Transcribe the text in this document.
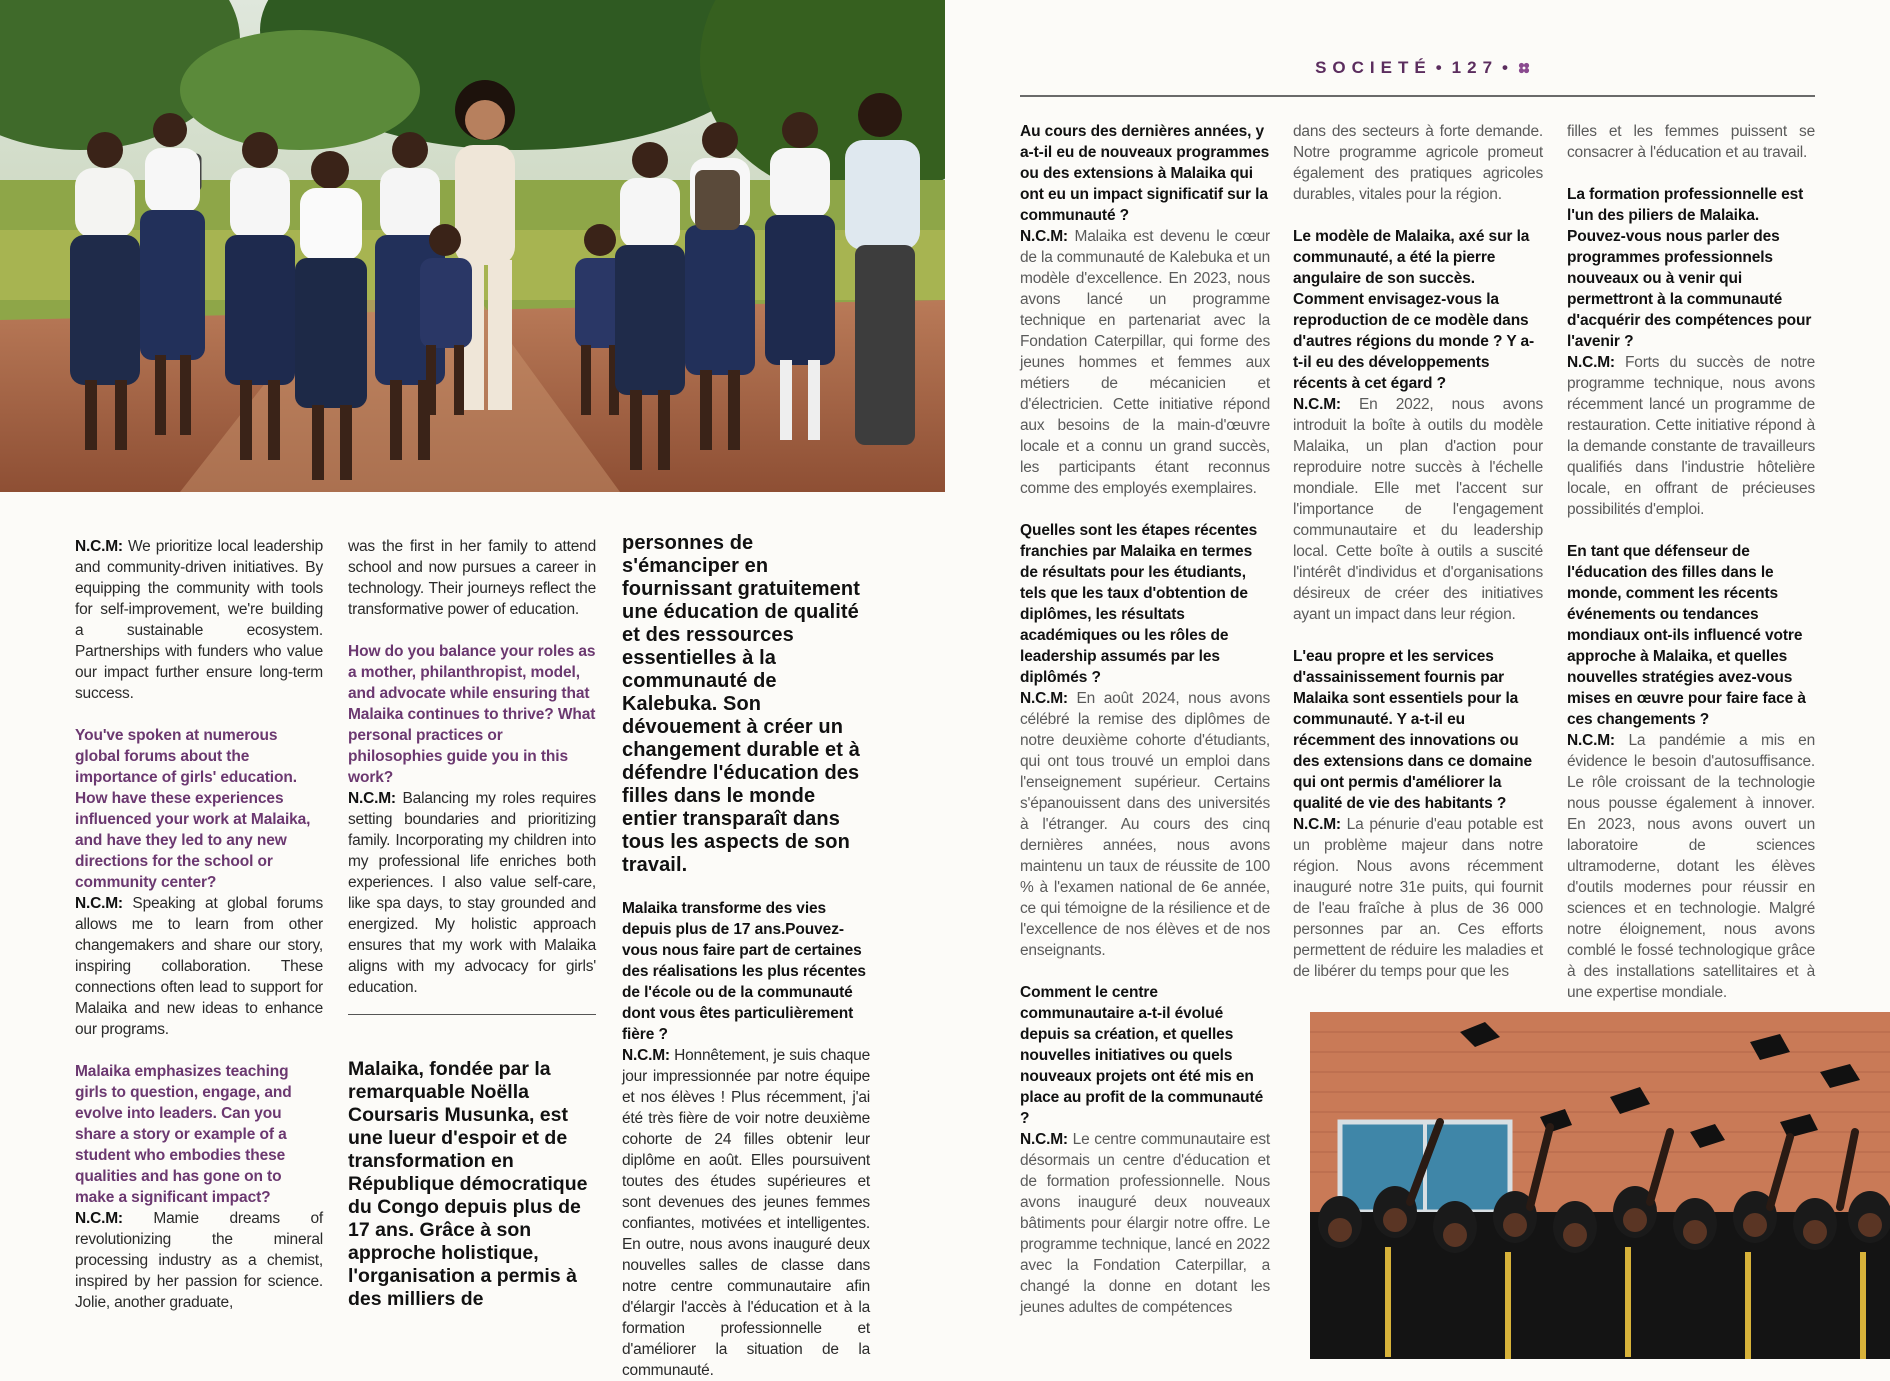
SOCIETÉ • 127 •

N.C.M: We prioritize local leadership and community-driven initiatives. By equipping the community with tools for self-improvement, we're building a sustainable ecosystem. Partnerships with funders who value our impact further ensure long-term success.

You've spoken at numerous global forums about the importance of girls' education. How have these experiences influenced your work at Malaika, and have they led to any new directions for the school or community center?

N.C.M: Speaking at global forums allows me to learn from other changemakers and share our story, inspiring collaboration. These connections often lead to support for Malaika and new ideas to enhance our programs.

Malaika emphasizes teaching girls to question, engage, and evolve into leaders. Can you share a story or example of a student who embodies these qualities and has gone on to make a significant impact?

N.C.M: Mamie dreams of revolutionizing the mineral processing industry as a chemist, inspired by her passion for science. Jolie, another graduate,

was the first in her family to attend school and now pursues a career in technology. Their journeys reflect the transformative power of education.

How do you balance your roles as a mother, philanthropist, model, and advocate while ensuring that Malaika continues to thrive? What personal practices or philosophies guide you in this work?

N.C.M: Balancing my roles requires setting boundaries and prioritizing family. Incorporating my children into my professional life enriches both experiences. I also value self-care, like spa days, to stay grounded and energized. My holistic approach ensures that my work with Malaika aligns with my advocacy for girls' education.

Malaika, fondée par la remarquable Noëlla Coursaris Musunka, est une lueur d'espoir et de transformation en République démocratique du Congo depuis plus de 17 ans. Grâce à son approche holistique, l'organisation a permis à des milliers de

personnes de s'émanciper en fournissant gratuitement une éducation de qualité et des ressources essentielles à la communauté de Kalebuka. Son dévouement à créer un changement durable et à défendre l'éducation des filles dans le monde entier transparaît dans tous les aspects de son travail.

Malaika transforme des vies depuis plus de 17 ans.Pouvez-vous nous faire part de certaines des réalisations les plus récentes de l'école ou de la communauté dont vous êtes particulièrement fière ?

N.C.M: Honnêtement, je suis chaque jour impressionnée par notre équipe et nos élèves ! Plus récemment, j'ai été très fière de voir notre deuxième cohorte de 24 filles obtenir leur diplôme en août. Elles poursuivent toutes des études supérieures et sont devenues des jeunes femmes confiantes, motivées et intelligentes. En outre, nous avons inauguré deux nouvelles salles de classe dans notre centre communautaire afin d'élargir l'accès à l'éducation et à la formation professionnelle et d'améliorer la situation de la communauté.

Au cours des dernières années, y a-t-il eu de nouveaux programmes ou des extensions à Malaika qui ont eu un impact significatif sur la communauté ?

N.C.M: Malaika est devenu le cœur de la communauté de Kalebuka et un modèle d'excellence. En 2023, nous avons lancé un programme technique en partenariat avec la Fondation Caterpillar, qui forme des jeunes hommes et femmes aux métiers de mécanicien et d'électricien. Cette initiative répond aux besoins de la main-d'œuvre locale et a connu un grand succès, les participants étant reconnus comme des employés exemplaires.

Quelles sont les étapes récentes franchies par Malaika en termes de résultats pour les étudiants, tels que les taux d'obtention de diplômes, les résultats académiques ou les rôles de leadership assumés par les diplômés ?

N.C.M: En août 2024, nous avons célébré la remise des diplômes de notre deuxième cohorte d'étudiants, qui ont tous trouvé un emploi dans l'enseignement supérieur. Certains s'épanouissent dans des universités à l'étranger. Au cours des cinq dernières années, nous avons maintenu un taux de réussite de 100 % à l'examen national de 6e année, ce qui témoigne de la résilience et de l'excellence de nos élèves et de nos enseignants.

Comment le centre communautaire a-t-il évolué depuis sa création, et quelles nouvelles initiatives ou quels nouveaux projets ont été mis en place au profit de la communauté ?

N.C.M: Le centre communautaire est désormais un centre d'éducation et de formation professionnelle. Nous avons inauguré deux nouveaux bâtiments pour élargir notre offre. Le programme technique, lancé en 2022 avec la Fondation Caterpillar, a changé la donne en dotant les jeunes adultes de compétences

dans des secteurs à forte demande. Notre programme agricole promeut également des pratiques agricoles durables, vitales pour la région.

Le modèle de Malaika, axé sur la communauté, a été la pierre angulaire de son succès. Comment envisagez-vous la reproduction de ce modèle dans d'autres régions du monde ? Y a-t-il eu des développements récents à cet égard ?

N.C.M: En 2022, nous avons introduit la boîte à outils du modèle Malaika, un plan d'action pour reproduire notre succès à l'échelle mondiale. Elle met l'accent sur l'importance de l'engagement communautaire et du leadership local. Cette boîte à outils a suscité l'intérêt d'individus et d'organisations désireux de créer des initiatives ayant un impact dans leur région.

L'eau propre et les services d'assainissement fournis par Malaika sont essentiels pour la communauté. Y a-t-il eu récemment des innovations ou des extensions dans ce domaine qui ont permis d'améliorer la qualité de vie des habitants ?

N.C.M: La pénurie d'eau potable est un problème majeur dans notre région. Nous avons récemment inauguré notre 31e puits, qui fournit de l'eau fraîche à plus de 36 000 personnes par an. Ces efforts permettent de réduire les maladies et de libérer du temps pour que les

filles et les femmes puissent se consacrer à l'éducation et au travail.

La formation professionnelle est l'un des piliers de Malaika. Pouvez-vous nous parler des programmes professionnels nouveaux ou à venir qui permettront à la communauté d'acquérir des compétences pour l'avenir ?

N.C.M: Forts du succès de notre programme technique, nous avons récemment lancé un programme de restauration. Cette initiative répond à la demande constante de travailleurs qualifiés dans l'industrie hôtelière locale, en offrant de précieuses possibilités d'emploi.

En tant que défenseur de l'éducation des filles dans le monde, comment les récents événements ou tendances mondiaux ont-ils influencé votre approche à Malaika, et quelles nouvelles stratégies avez-vous mises en œuvre pour faire face à ces changements ?

N.C.M: La pandémie a mis en évidence le besoin d'autosuffisance. Le rôle croissant de la technologie nous pousse également à innover. En 2023, nous avons ouvert un laboratoire de sciences ultramoderne, dotant les élèves d'outils modernes pour réussir en sciences et en technologie. Malgré notre éloignement, nous avons comblé le fossé technologique grâce à des installations satellitaires et à une expertise mondiale.
